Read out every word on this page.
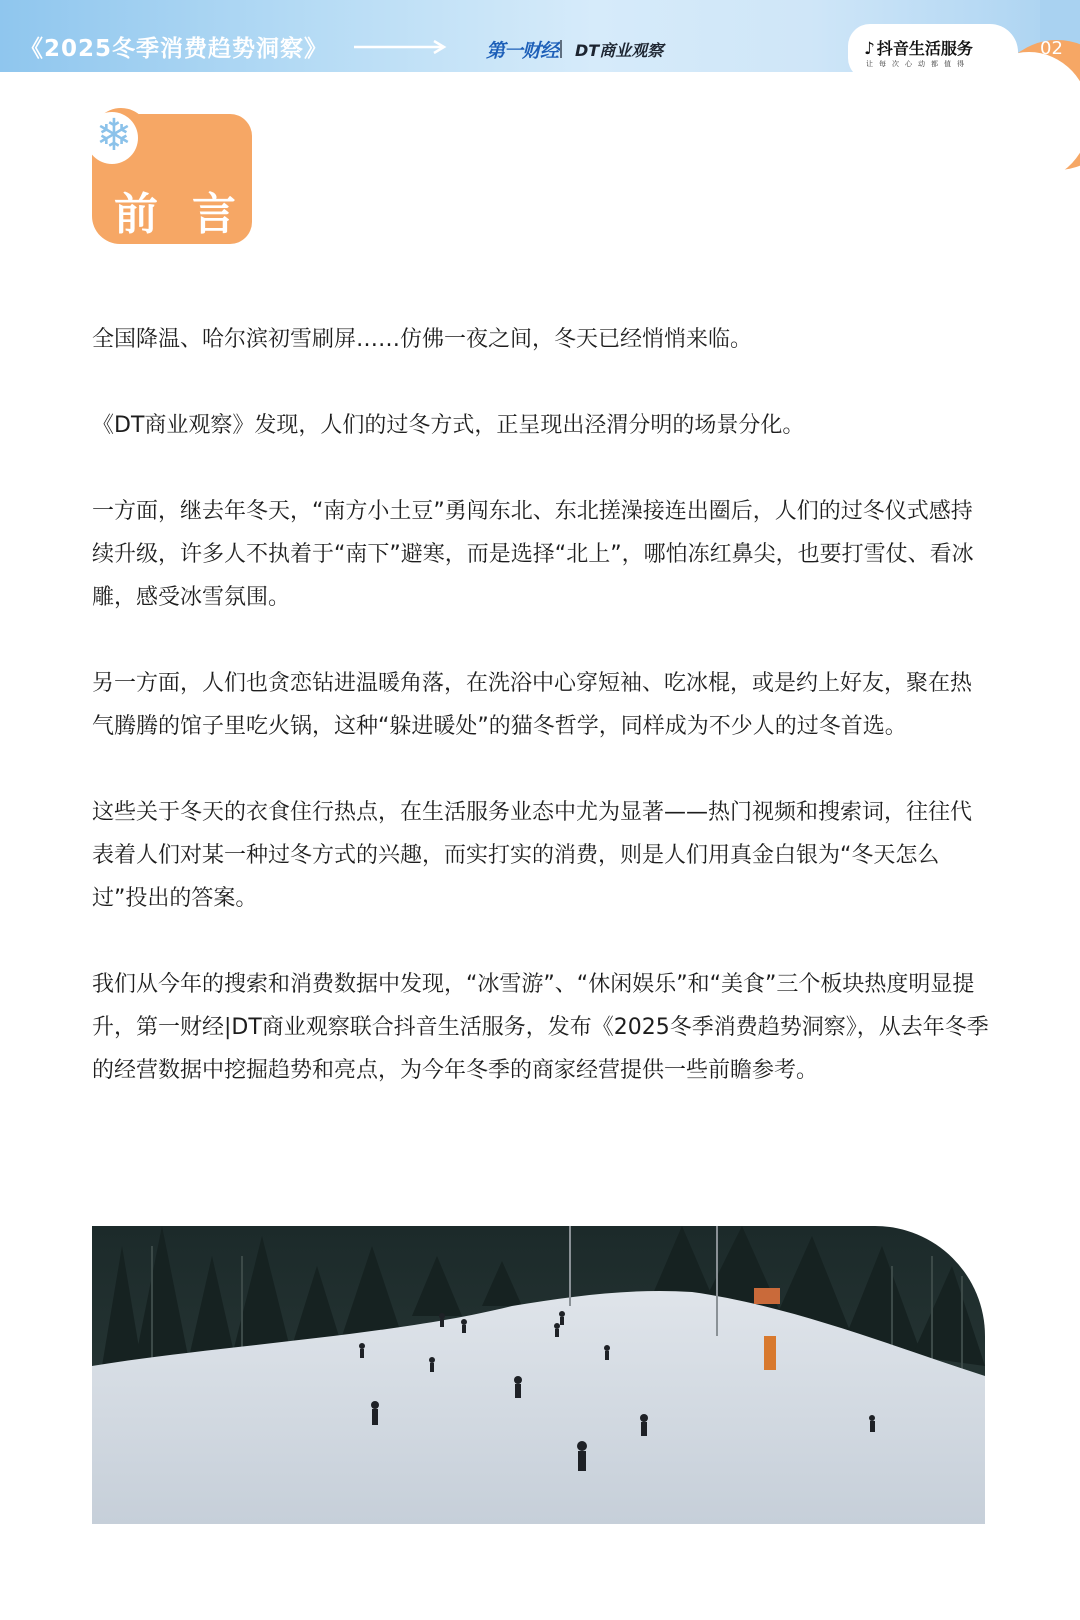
《2025冬季消费趋势洞察》	第一财经 DT商业观察	♪ 抖音生活服务
让每次心动都值得
02
❄
前言

全国降温、哈尔滨初雪刷屏……仿佛一夜之间，冬天已经悄悄来临。

《DT商业观察》发现，人们的过冬方式，正呈现出泾渭分明的场景分化。

一方面，继去年冬天，“南方小土豆”勇闯东北、东北搓澡接连出圈后，人们的过冬仪式感持续升级，许多人不执着于“南下”避寒，而是选择“北上”，哪怕冻红鼻尖，也要打雪仗、看冰雕，感受冰雪氛围。

另一方面，人们也贪恋钻进温暖角落，在洗浴中心穿短袖、吃冰棍，或是约上好友，聚在热气腾腾的馆子里吃火锅，这种“躲进暖处”的猫冬哲学，同样成为不少人的过冬首选。

这些关于冬天的衣食住行热点，在生活服务业态中尤为显著——热门视频和搜索词，往往代表着人们对某一种过冬方式的兴趣，而实打实的消费，则是人们用真金白银为“冬天怎么过”投出的答案。

我们从今年的搜索和消费数据中发现，“冰雪游”、“休闲娱乐”和“美食”三个板块热度明显提升，第一财经|DT商业观察联合抖音生活服务，发布《2025冬季消费趋势洞察》，从去年冬季的经营数据中挖掘趋势和亮点，为今年冬季的商家经营提供一些前瞻参考。
